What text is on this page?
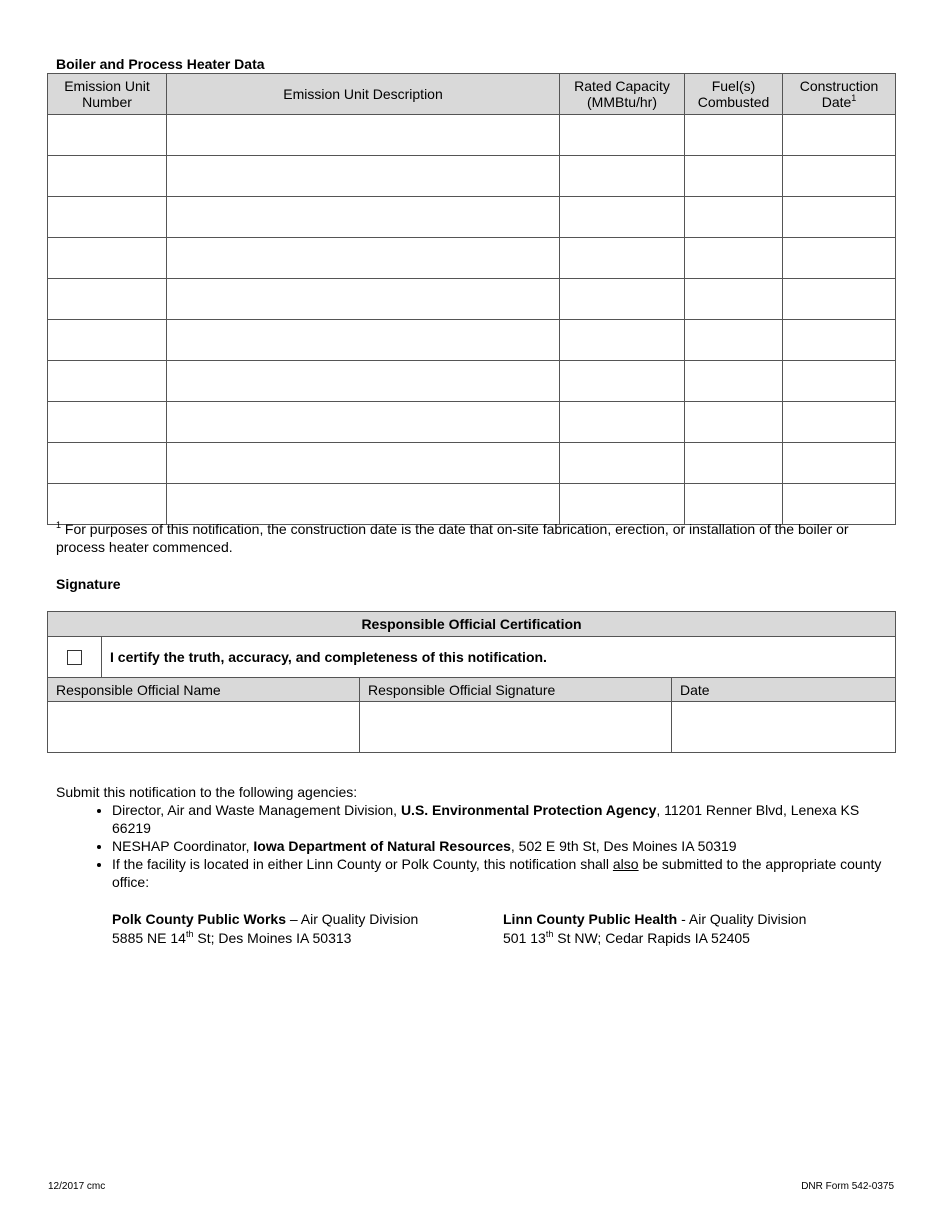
Boiler and Process Heater Data
Emission Unit Number	Emission Unit Description	Rated Capacity (MMBtu/hr)	Fuel(s) Combusted	Construction Date$^1$

$^1$ For purposes of this notification, the construction date is the date that on-site fabrication, erection, or installation of the boiler or process heater commenced.
Signature
Responsible Official Certification			
	I certify the truth, accuracy, and completeness of this notification.		
Responsible Official Name		Responsible Official Signature	Date

Submit this notification to the following agencies:
• Director, Air and Waste Management Division, U.S. Environmental Protection Agency, 11201 Renner Blvd, Lenexa KS 66219
• NESHAP Coordinator, Iowa Department of Natural Resources, 502 E 9th St, Des Moines IA 50319
• If the facility is located in either Linn County or Polk County, this notification shall also be submitted to the appropriate county office:
Polk County Public Works – Air Quality Division
5885 NE 14th St; Des Moines IA 50313
Linn County Public Health - Air Quality Division
501 13th St NW; Cedar Rapids IA 52405
12/2017 cmc	DNR Form 542-0375
